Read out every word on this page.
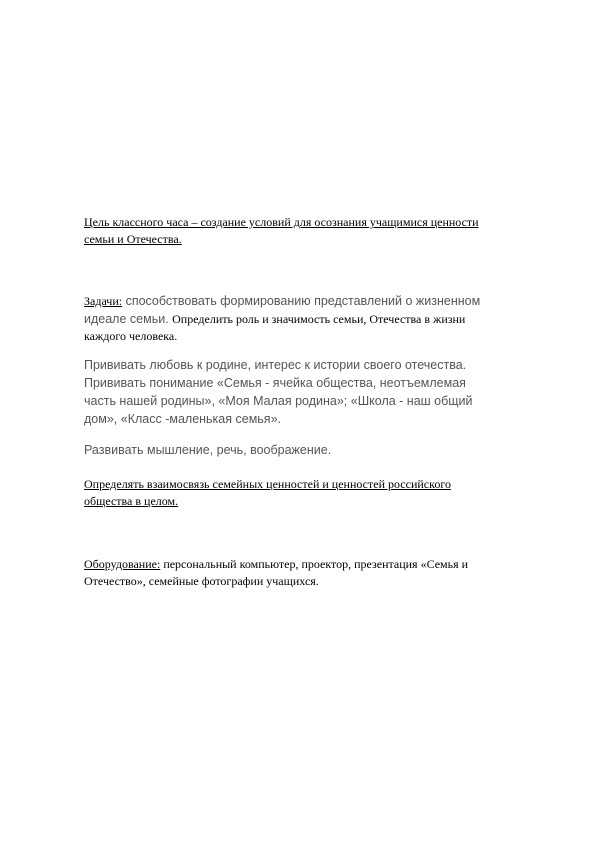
Цель классного часа – создание условий для осознания учащимися ценности

семьи и Отечества.

Задачи: способствовать формированию представлений о жизненном

идеале семьи. Определить роль и значимость семьи, Отечества в жизни

каждого человека.

Прививать любовь к родине, интерес к истории своего отечества.

Прививать понимание «Семья - ячейка общества, неотъемлемая

часть нашей родины», «Моя Малая родина»; «Школа - наш общий

дом», «Класс -маленькая семья».

Развивать мышление, речь, воображение.

Определять взаимосвязь семейных ценностей и ценностей российского

общества в целом.

Оборудование: персональный компьютер, проектор, презентация «Семья и

Отечество», семейные фотографии учащихся.
